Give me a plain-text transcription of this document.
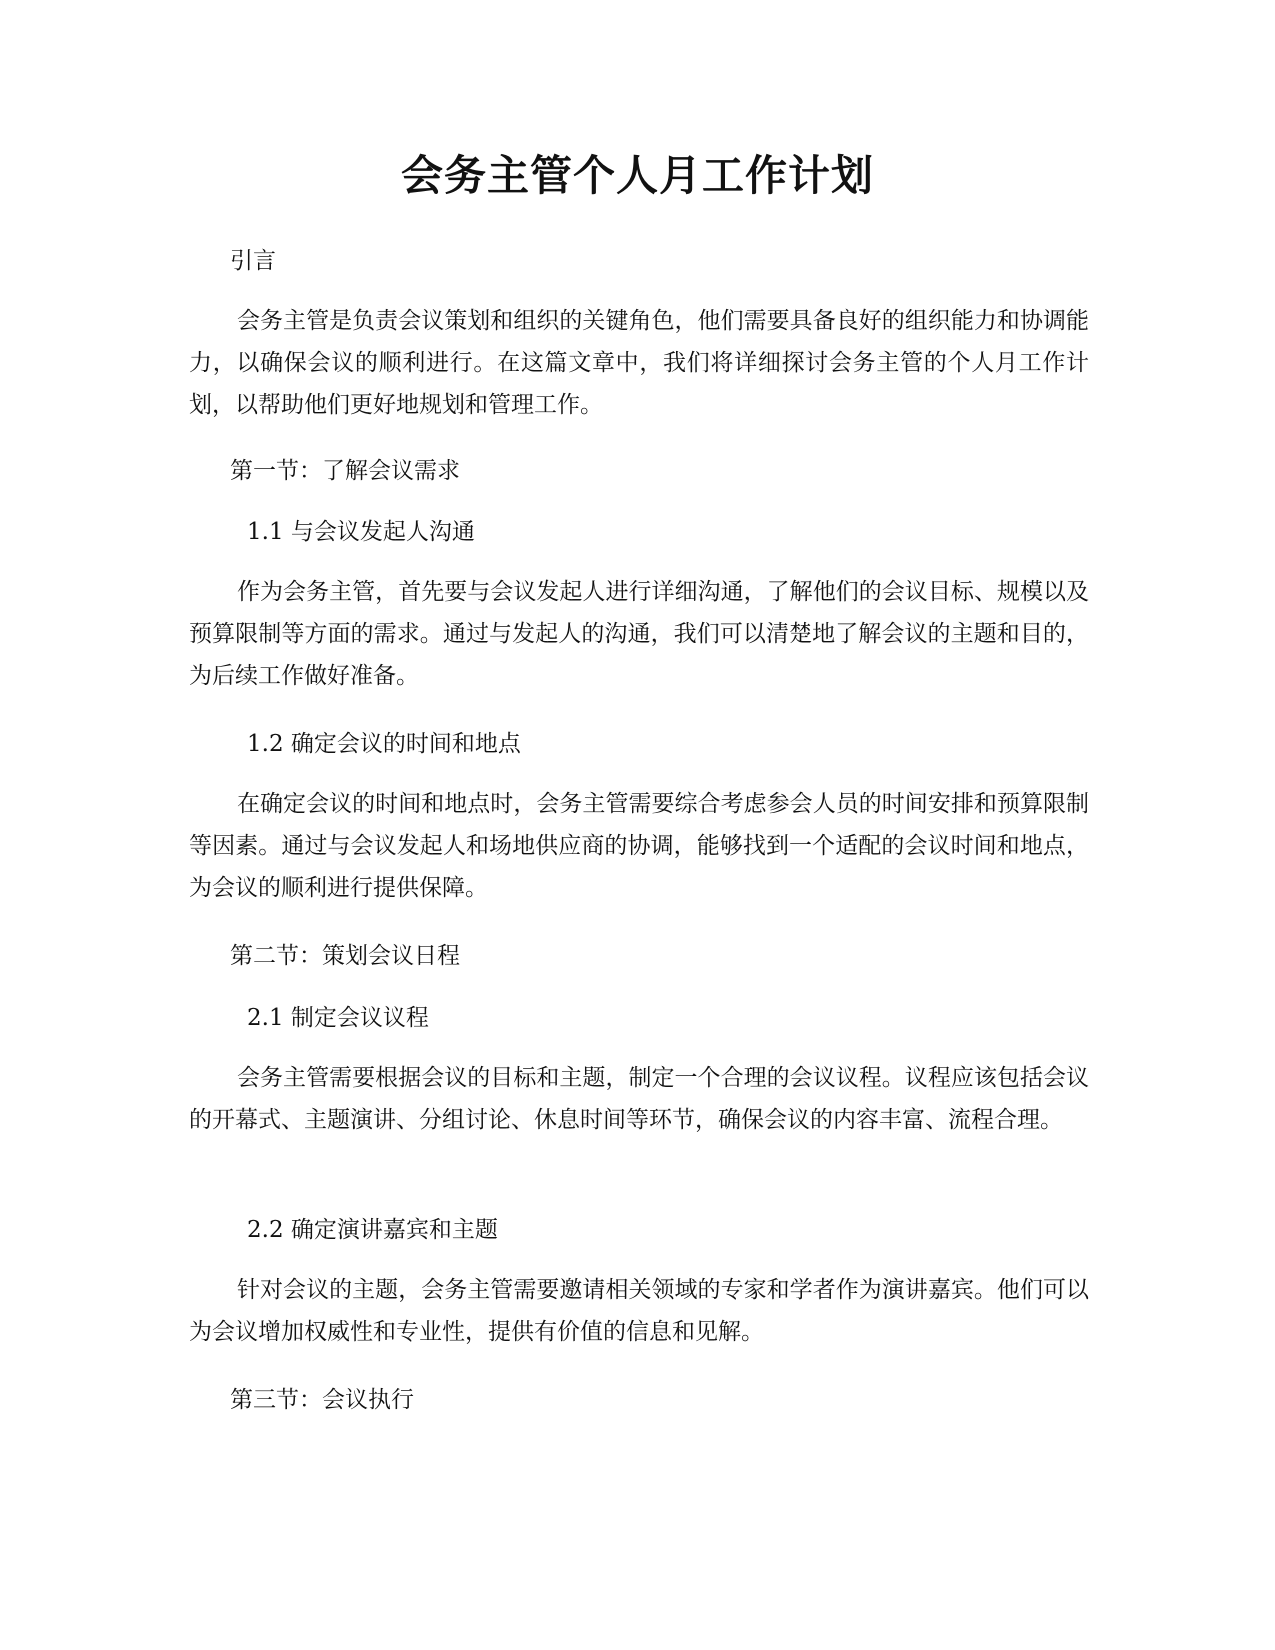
会务主管个人月工作计划

引言

会务主管是负责会议策划和组织的关键角色，他们需要具备良好的组织能力和协调能力，以确保会议的顺利进行。在这篇文章中，我们将详细探讨会务主管的个人月工作计划，以帮助他们更好地规划和管理工作。

第一节：了解会议需求

1.1 与会议发起人沟通

作为会务主管，首先要与会议发起人进行详细沟通，了解他们的会议目标、规模以及预算限制等方面的需求。通过与发起人的沟通，我们可以清楚地了解会议的主题和目的，为后续工作做好准备。

1.2 确定会议的时间和地点

在确定会议的时间和地点时，会务主管需要综合考虑参会人员的时间安排和预算限制等因素。通过与会议发起人和场地供应商的协调，能够找到一个适配的会议时间和地点，为会议的顺利进行提供保障。

第二节：策划会议日程

2.1 制定会议议程

会务主管需要根据会议的目标和主题，制定一个合理的会议议程。议程应该包括会议的开幕式、主题演讲、分组讨论、休息时间等环节，确保会议的内容丰富、流程合理。

2.2 确定演讲嘉宾和主题

针对会议的主题，会务主管需要邀请相关领域的专家和学者作为演讲嘉宾。他们可以为会议增加权威性和专业性，提供有价值的信息和见解。

第三节：会议执行
